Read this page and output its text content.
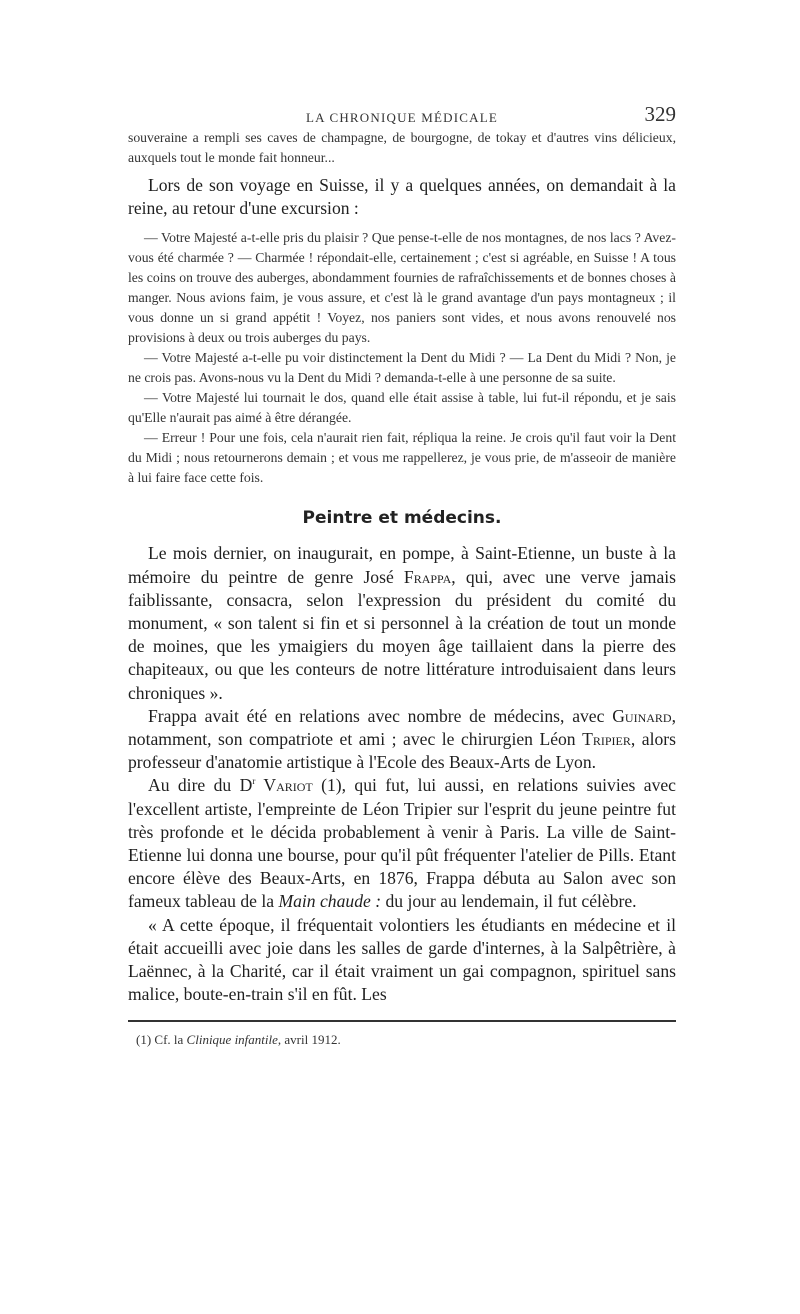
LA CHRONIQUE MÉDICALE	329

souveraine a rempli ses caves de champagne, de bourgogne, de tokay et d'autres vins délicieux, auxquels tout le monde fait honneur...

Lors de son voyage en Suisse, il y a quelques années, on demandait à la reine, au retour d'une excursion :

— Votre Majesté a-t-elle pris du plaisir ? Que pense-t-elle de nos montagnes, de nos lacs ? Avez-vous été charmée ? — Charmée ! répondait-elle, certainement ; c'est si agréable, en Suisse ! A tous les coins on trouve des auberges, abondamment fournies de rafraîchissements et de bonnes choses à manger. Nous avions faim, je vous assure, et c'est là le grand avantage d'un pays montagneux ; il vous donne un si grand appétit ! Voyez, nos paniers sont vides, et nous avons renouvelé nos provisions à deux ou trois auberges du pays.

— Votre Majesté a-t-elle pu voir distinctement la Dent du Midi ? — La Dent du Midi ? Non, je ne crois pas. Avons-nous vu la Dent du Midi ? demanda-t-elle à une personne de sa suite.

— Votre Majesté lui tournait le dos, quand elle était assise à table, lui fut-il répondu, et je sais qu'Elle n'aurait pas aimé à être dérangée.

— Erreur ! Pour une fois, cela n'aurait rien fait, répliqua la reine. Je crois qu'il faut voir la Dent du Midi ; nous retournerons demain ; et vous me rappellerez, je vous prie, de m'asseoir de manière à lui faire face cette fois.

Peintre et médecins.

Le mois dernier, on inaugurait, en pompe, à Saint-Etienne, un buste à la mémoire du peintre de genre José Frappa, qui, avec une verve jamais faiblissante, consacra, selon l'expression du président du comité du monument, « son talent si fin et si personnel à la création de tout un monde de moines, que les ymaigiers du moyen âge taillaient dans la pierre des chapiteaux, ou que les conteurs de notre littérature introduisaient dans leurs chroniques ».

Frappa avait été en relations avec nombre de médecins, avec Guinard, notamment, son compatriote et ami ; avec le chirurgien Léon Tripier, alors professeur d'anatomie artistique à l'Ecole des Beaux-Arts de Lyon.

Au dire du $D^r$ Variot (1), qui fut, lui aussi, en relations suivies avec l'excellent artiste, l'empreinte de Léon Tripier sur l'esprit du jeune peintre fut très profonde et le décida probablement à venir à Paris. La ville de Saint-Etienne lui donna une bourse, pour qu'il pût fréquenter l'atelier de Pills. Etant encore élève des Beaux-Arts, en 1876, Frappa débuta au Salon avec son fameux tableau de la Main chaude : du jour au lendemain, il fut célèbre.

« A cette époque, il fréquentait volontiers les étudiants en médecine et il était accueilli avec joie dans les salles de garde d'internes, à la Salpêtrière, à Laënnec, à la Charité, car il était vraiment un gai compagnon, spirituel sans malice, boute-en-train s'il en fût. Les

(1) Cf. la Clinique infantile, avril 1912.
